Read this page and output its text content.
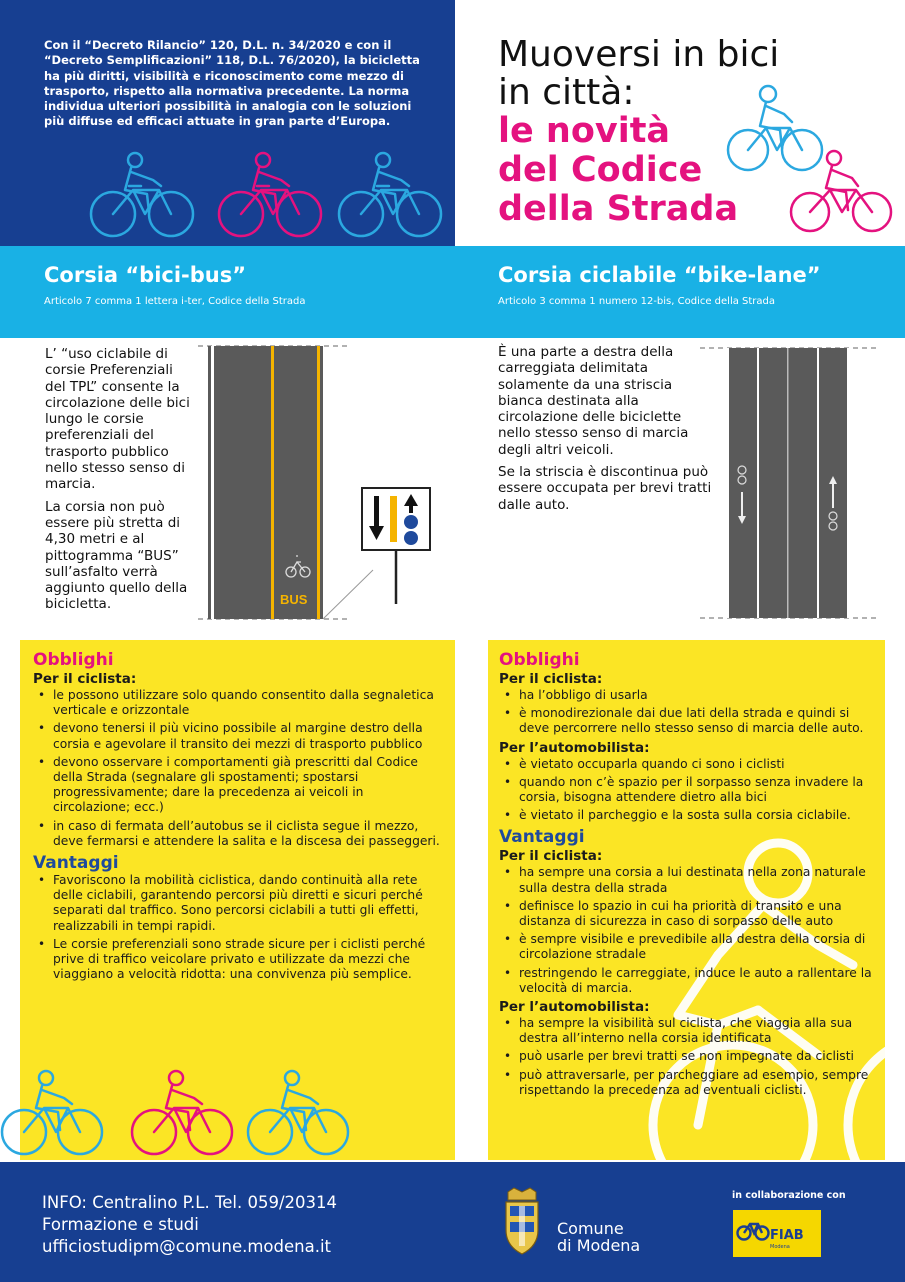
Con il “Decreto Rilancio” 120, D.L. n. 34/2020 e con il “Decreto Semplificazioni” 118, D.L. 76/2020), la bicicletta ha più diritti, visibilità e riconoscimento come mezzo di trasporto, rispetto alla normativa precedente. La norma individua ulteriori possibilità in analogia con le soluzioni più diffuse ed efficaci attuate in gran parte d’Europa.

Muoversi in bici
in città:
le novità
del Codice
della Strada
Corsia “bici-bus”
Articolo 7 comma 1 lettera i-ter, Codice della Strada
Corsia ciclabile “bike-lane”
Articolo 3 comma 1 numero 12-bis, Codice della Strada

L’ “uso ciclabile di corsie Preferenziali del TPL” consente la circolazione delle bici lungo le corsie preferenziali del trasporto pubblico nello stesso senso di marcia.

La corsia non può essere più stretta di 4,30 metri e al pittogramma “BUS” sull’asfalto verrà aggiunto quello della bicicletta.	BUS

È una parte a destra della carreggiata delimitata solamente da una striscia bianca destinata alla circolazione delle biciclette nello stesso senso di marcia degli altri veicoli.

Se la striscia è discontinua può essere occupata per brevi tratti dalle auto.

Obblighi
Per il ciclista:
• le possono utilizzare solo quando consentito dalla segnaletica verticale e orizzontale
• devono tenersi il più vicino possibile al margine destro della corsia e agevolare il transito dei mezzi di trasporto pubblico
• devono osservare i comportamenti già prescritti dal Codice della Strada (segnalare gli spostamenti; spostarsi progressivamente; dare la precedenza ai veicoli in circolazione; ecc.)
• in caso di fermata dell’autobus se il ciclista segue il mezzo, deve fermarsi e attendere la salita e la discesa dei passeggeri.
Vantaggi
• Favoriscono la mobilità ciclistica, dando continuità alla rete delle ciclabili, garantendo percorsi più diretti e sicuri perché separati dal traffico. Sono percorsi ciclabili a tutti gli effetti, realizzabili in tempi rapidi.
• Le corsie preferenziali sono strade sicure per i ciclisti perché prive di traffico veicolare privato e utilizzate da mezzi che viaggiano a velocità ridotta: una convivenza più semplice.
Obblighi
Per il ciclista:
• ha l’obbligo di usarla
• è monodirezionale dai due lati della strada e quindi si deve percorrere nello stesso senso di marcia delle auto.
Per l’automobilista:
• è vietato occuparla quando ci sono i ciclisti
• quando non c’è spazio per il sorpasso senza invadere la corsia, bisogna attendere dietro alla bici
• è vietato il parcheggio e la sosta sulla corsia ciclabile.
Vantaggi
Per il ciclista:
• ha sempre una corsia a lui destinata nella zona naturale sulla destra della strada
• definisce lo spazio in cui ha priorità di transito e una distanza di sicurezza in caso di sorpasso delle auto
• è sempre visibile e prevedibile alla destra della corsia di circolazione stradale
• restringendo le carreggiate, induce le auto a rallentare la velocità di marcia.
Per l’automobilista:
• ha sempre la visibilità sul ciclista, che viaggia alla sua destra all’interno nella corsia identificata
• può usarle per brevi tratti se non impegnate da ciclisti
• può attraversarle, per parcheggiare ad esempio, sempre rispettando la precedenza ad eventuali ciclisti.
INFO: Centralino P.L. Tel. 059/20314
Formazione e studi
ufficiostudipm@comune.modena.it
Comune
di Modena
in collaborazione con
FIAB
Modena
